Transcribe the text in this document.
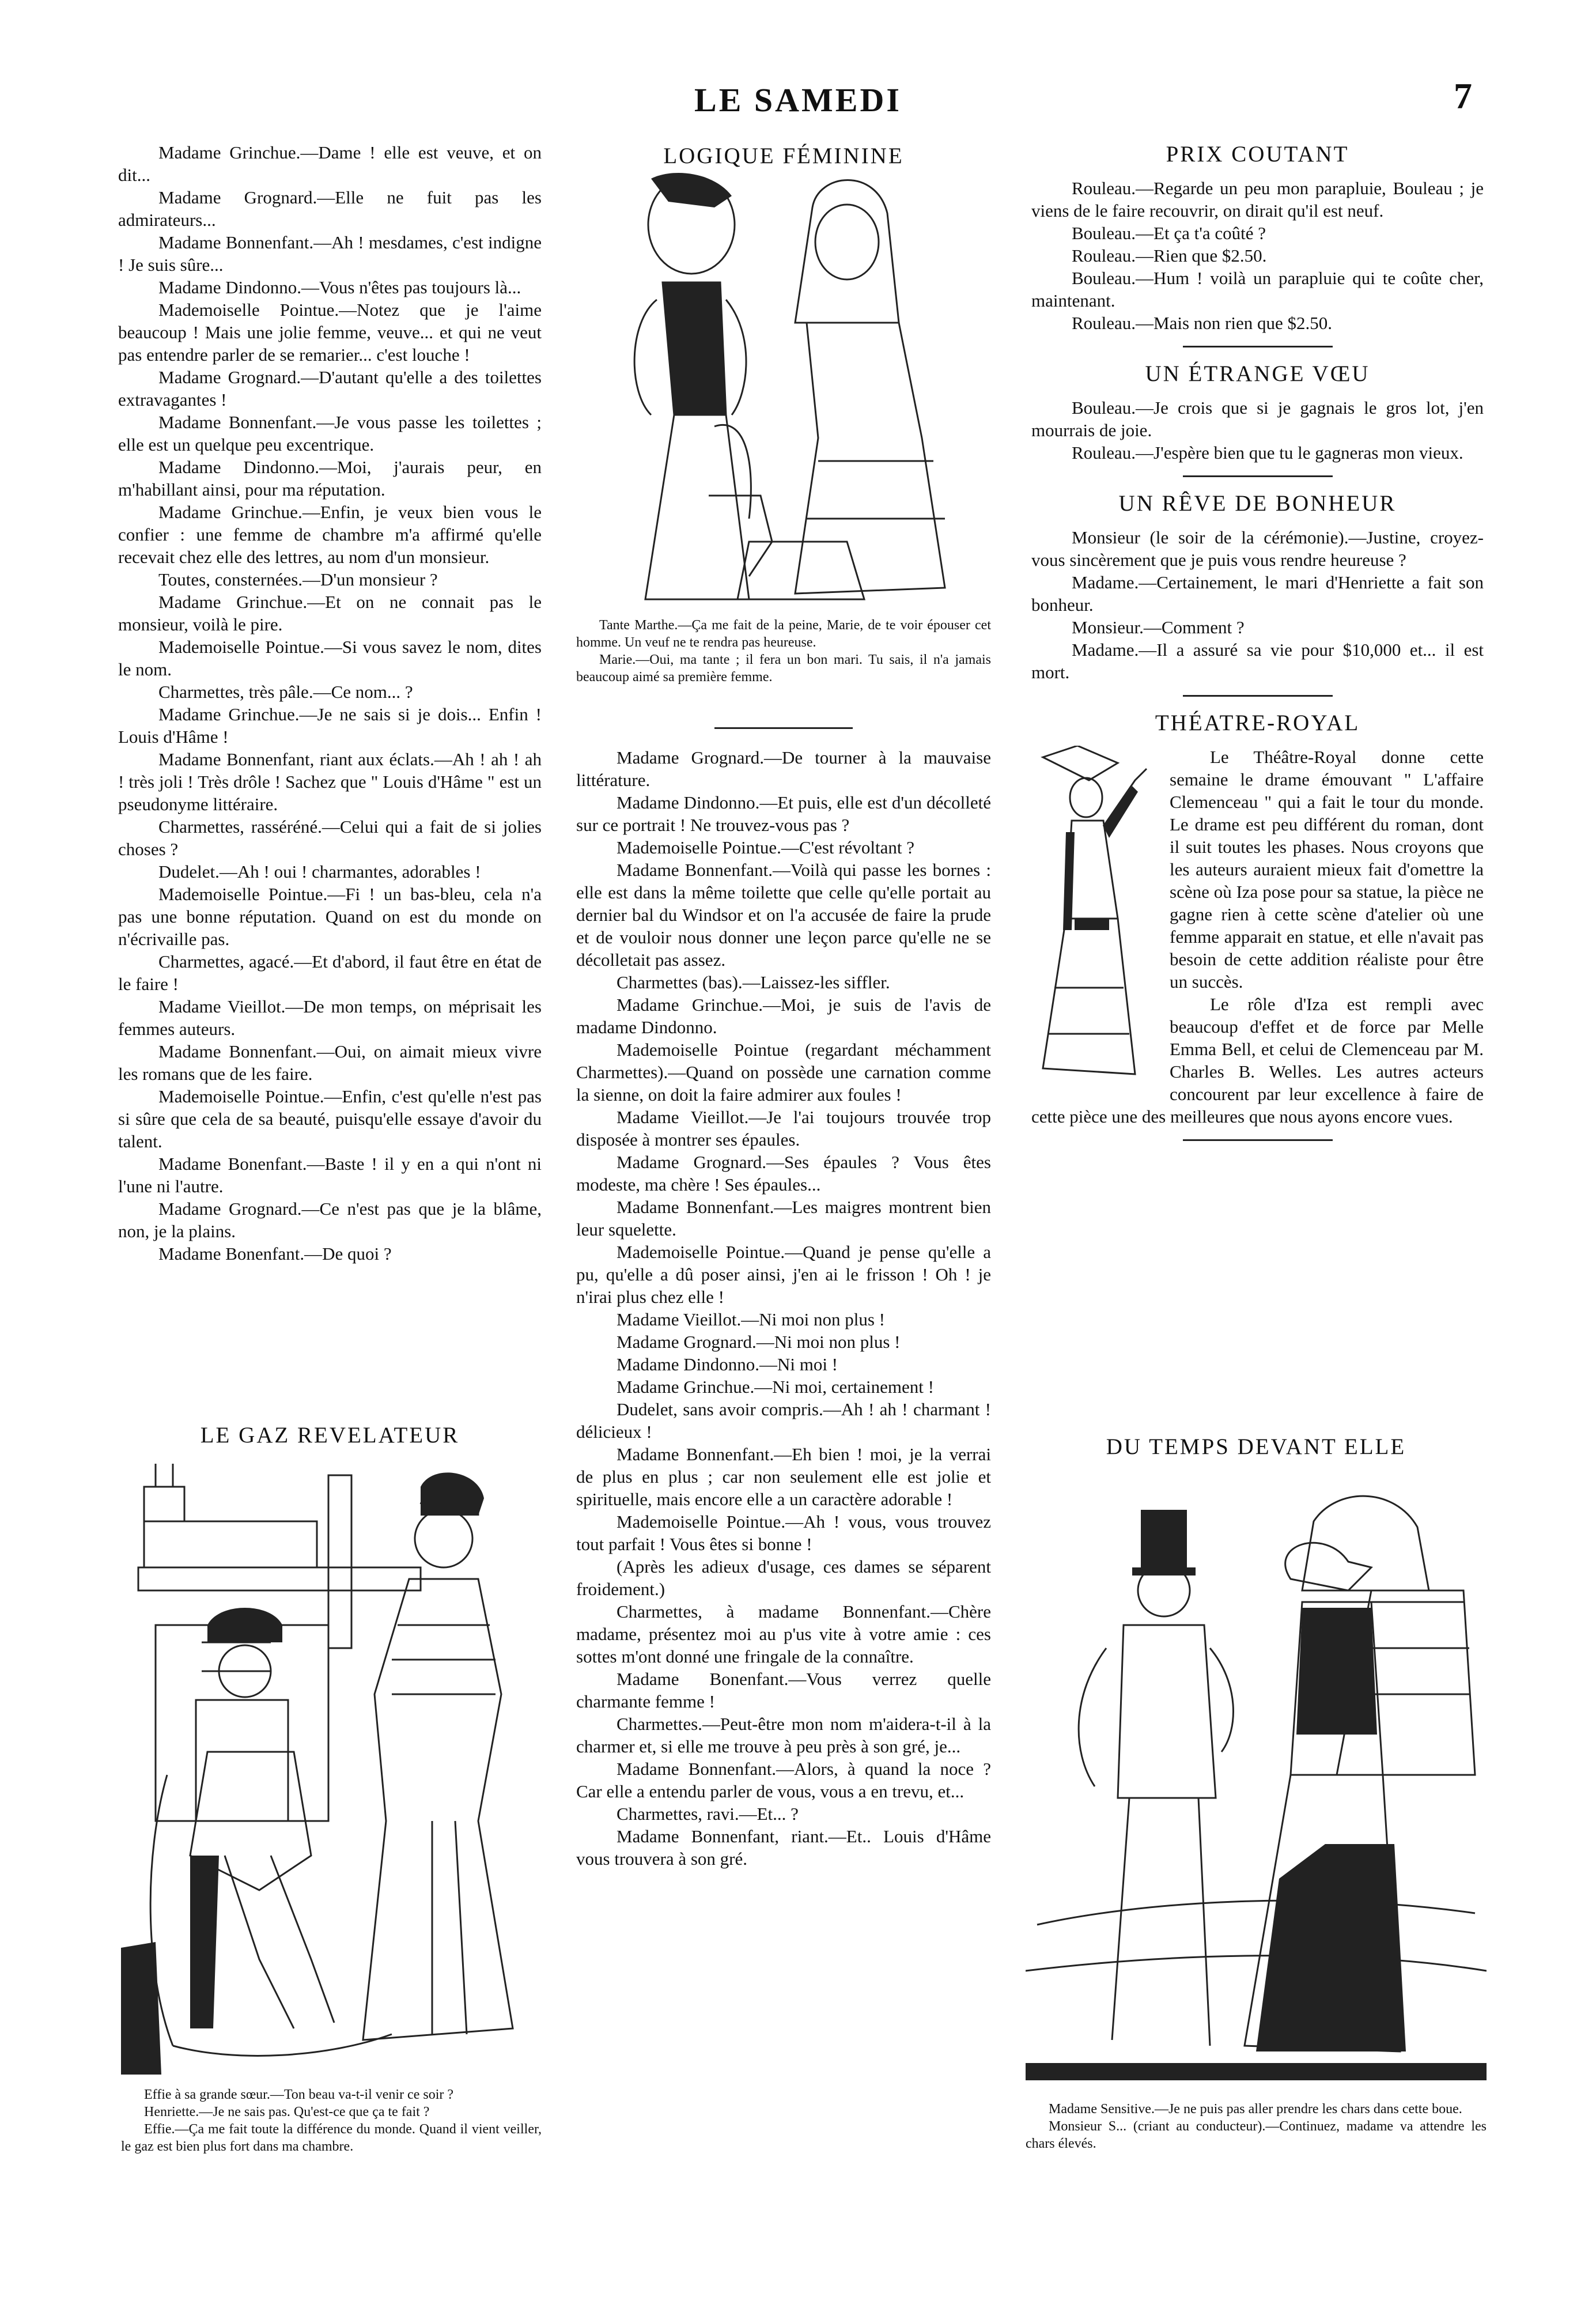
LE SAMEDI	7

Madame Grinchue.—Dame ! elle est veuve, et on dit...

Madame Grognard.—Elle ne fuit pas les admirateurs...

Madame Bonnenfant.—Ah ! mesdames, c'est indigne ! Je suis sûre...

Madame Dindonno.—Vous n'êtes pas toujours là...

Mademoiselle Pointue.—Notez que je l'aime beaucoup ! Mais une jolie femme, veuve... et qui ne veut pas entendre parler de se remarier... c'est louche !

Madame Grognard.—D'autant qu'elle a des toilettes extravagantes !

Madame Bonnenfant.—Je vous passe les toilettes ; elle est un quelque peu excentrique.

Madame Dindonno.—Moi, j'aurais peur, en m'habillant ainsi, pour ma réputation.

Madame Grinchue.—Enfin, je veux bien vous le confier : une femme de chambre m'a affirmé qu'elle recevait chez elle des lettres, au nom d'un monsieur.

Toutes, consternées.—D'un monsieur ?

Madame Grinchue.—Et on ne connait pas le monsieur, voilà le pire.

Mademoiselle Pointue.—Si vous savez le nom, dites le nom.

Charmettes, très pâle.—Ce nom... ?

Madame Grinchue.—Je ne sais si je dois... Enfin ! Louis d'Hâme !

Madame Bonnenfant, riant aux éclats.—Ah ! ah ! ah ! très joli ! Très drôle ! Sachez que " Louis d'Hâme " est un pseudonyme littéraire.

Charmettes, rasséréné.—Celui qui a fait de si jolies choses ?

Dudelet.—Ah ! oui ! charmantes, adorables !

Mademoiselle Pointue.—Fi ! un bas-bleu, cela n'a pas une bonne réputation. Quand on est du monde on n'écrivaille pas.

Charmettes, agacé.—Et d'abord, il faut être en état de le faire !

Madame Vieillot.—De mon temps, on méprisait les femmes auteurs.

Madame Bonnenfant.—Oui, on aimait mieux vivre les romans que de les faire.

Mademoiselle Pointue.—Enfin, c'est qu'elle n'est pas si sûre que cela de sa beauté, puisqu'elle essaye d'avoir du talent.

Madame Bonenfant.—Baste ! il y en a qui n'ont ni l'une ni l'autre.

Madame Grognard.—Ce n'est pas que je la blâme, non, je la plains.

Madame Bonenfant.—De quoi ?

LE GAZ REVELATEUR

Effie à sa grande sœur.—Ton beau va-t-il venir ce soir ?

Henriette.—Je ne sais pas. Qu'est-ce que ça te fait ?

Effie.—Ça me fait toute la différence du monde. Quand il vient veiller, le gaz est bien plus fort dans ma chambre.

LOGIQUE FÉMININE

Tante Marthe.—Ça me fait de la peine, Marie, de te voir épouser cet homme. Un veuf ne te rendra pas heureuse.

Marie.—Oui, ma tante ; il fera un bon mari. Tu sais, il n'a jamais beaucoup aimé sa première femme.

Madame Grognard.—De tourner à la mauvaise littérature.

Madame Dindonno.—Et puis, elle est d'un décolleté sur ce portrait ! Ne trouvez-vous pas ?

Mademoiselle Pointue.—C'est révoltant ?

Madame Bonnenfant.—Voilà qui passe les bornes : elle est dans la même toilette que celle qu'elle portait au dernier bal du Windsor et on l'a accusée de faire la prude et de vouloir nous donner une leçon parce qu'elle ne se décolletait pas assez.

Charmettes (bas).—Laissez-les siffler.

Madame Grinchue.—Moi, je suis de l'avis de madame Dindonno.

Mademoiselle Pointue (regardant méchamment Charmettes).—Quand on possède une carnation comme la sienne, on doit la faire admirer aux foules !

Madame Vieillot.—Je l'ai toujours trouvée trop disposée à montrer ses épaules.

Madame Grognard.—Ses épaules ? Vous êtes modeste, ma chère ! Ses épaules...

Madame Bonnenfant.—Les maigres montrent bien leur squelette.

Mademoiselle Pointue.—Quand je pense qu'elle a pu, qu'elle a dû poser ainsi, j'en ai le frisson ! Oh ! je n'irai plus chez elle !

Madame Vieillot.—Ni moi non plus !

Madame Grognard.—Ni moi non plus !

Madame Dindonno.—Ni moi !

Madame Grinchue.—Ni moi, certainement !

Dudelet, sans avoir compris.—Ah ! ah ! charmant ! délicieux !

Madame Bonnenfant.—Eh bien ! moi, je la verrai de plus en plus ; car non seulement elle est jolie et spirituelle, mais encore elle a un caractère adorable !

Mademoiselle Pointue.—Ah ! vous, vous trouvez tout parfait ! Vous êtes si bonne !

(Après les adieux d'usage, ces dames se séparent froidement.)

Charmettes, à madame Bonnenfant.—Chère madame, présentez moi au p'us vite à votre amie : ces sottes m'ont donné une fringale de la connaître.

Madame Bonenfant.—Vous verrez quelle charmante femme !

Charmettes.—Peut-être mon nom m'aidera-t-il à la charmer et, si elle me trouve à peu près à son gré, je...

Madame Bonnenfant.—Alors, à quand la noce ? Car elle a entendu parler de vous, vous a en trevu, et...

Charmettes, ravi.—Et... ?

Madame Bonnenfant, riant.—Et.. Louis d'Hâme vous trouvera à son gré.

PRIX COUTANT

Rouleau.—Regarde un peu mon parapluie, Bouleau ; je viens de le faire recouvrir, on dirait qu'il est neuf.

Bouleau.—Et ça t'a coûté ?

Rouleau.—Rien que $2.50.

Bouleau.—Hum ! voilà un parapluie qui te coûte cher, maintenant.

Rouleau.—Mais non rien que $2.50.

UN ÉTRANGE VŒU

Bouleau.—Je crois que si je gagnais le gros lot, j'en mourrais de joie.

Rouleau.—J'espère bien que tu le gagneras mon vieux.

UN RÊVE DE BONHEUR

Monsieur (le soir de la cérémonie).—Justine, croyez-vous sincèrement que je puis vous rendre heureuse ?

Madame.—Certainement, le mari d'Henriette a fait son bonheur.

Monsieur.—Comment ?

Madame.—Il a assuré sa vie pour $10,000 et... il est mort.

THÉATRE-ROYAL

Le Théâtre-Royal donne cette semaine le drame émouvant " L'affaire Clemenceau " qui a fait le tour du monde. Le drame est peu différent du roman, dont il suit toutes les phases. Nous croyons que les auteurs auraient mieux fait d'omettre la scène où Iza pose pour sa statue, la pièce ne gagne rien à cette scène d'atelier où une femme apparait en statue, et elle n'avait pas besoin de cette addition réaliste pour être un succès.

Le rôle d'Iza est rempli avec beaucoup d'effet et de force par Melle Emma Bell, et celui de Clemenceau par M. Charles B. Welles. Les autres acteurs concourent par leur excellence à faire de cette pièce une des meilleures que nous ayons encore vues.

DU TEMPS DEVANT ELLE

Madame Sensitive.—Je ne puis pas aller prendre les chars dans cette boue.

Monsieur S... (criant au conducteur).—Continuez, madame va attendre les chars élevés.
